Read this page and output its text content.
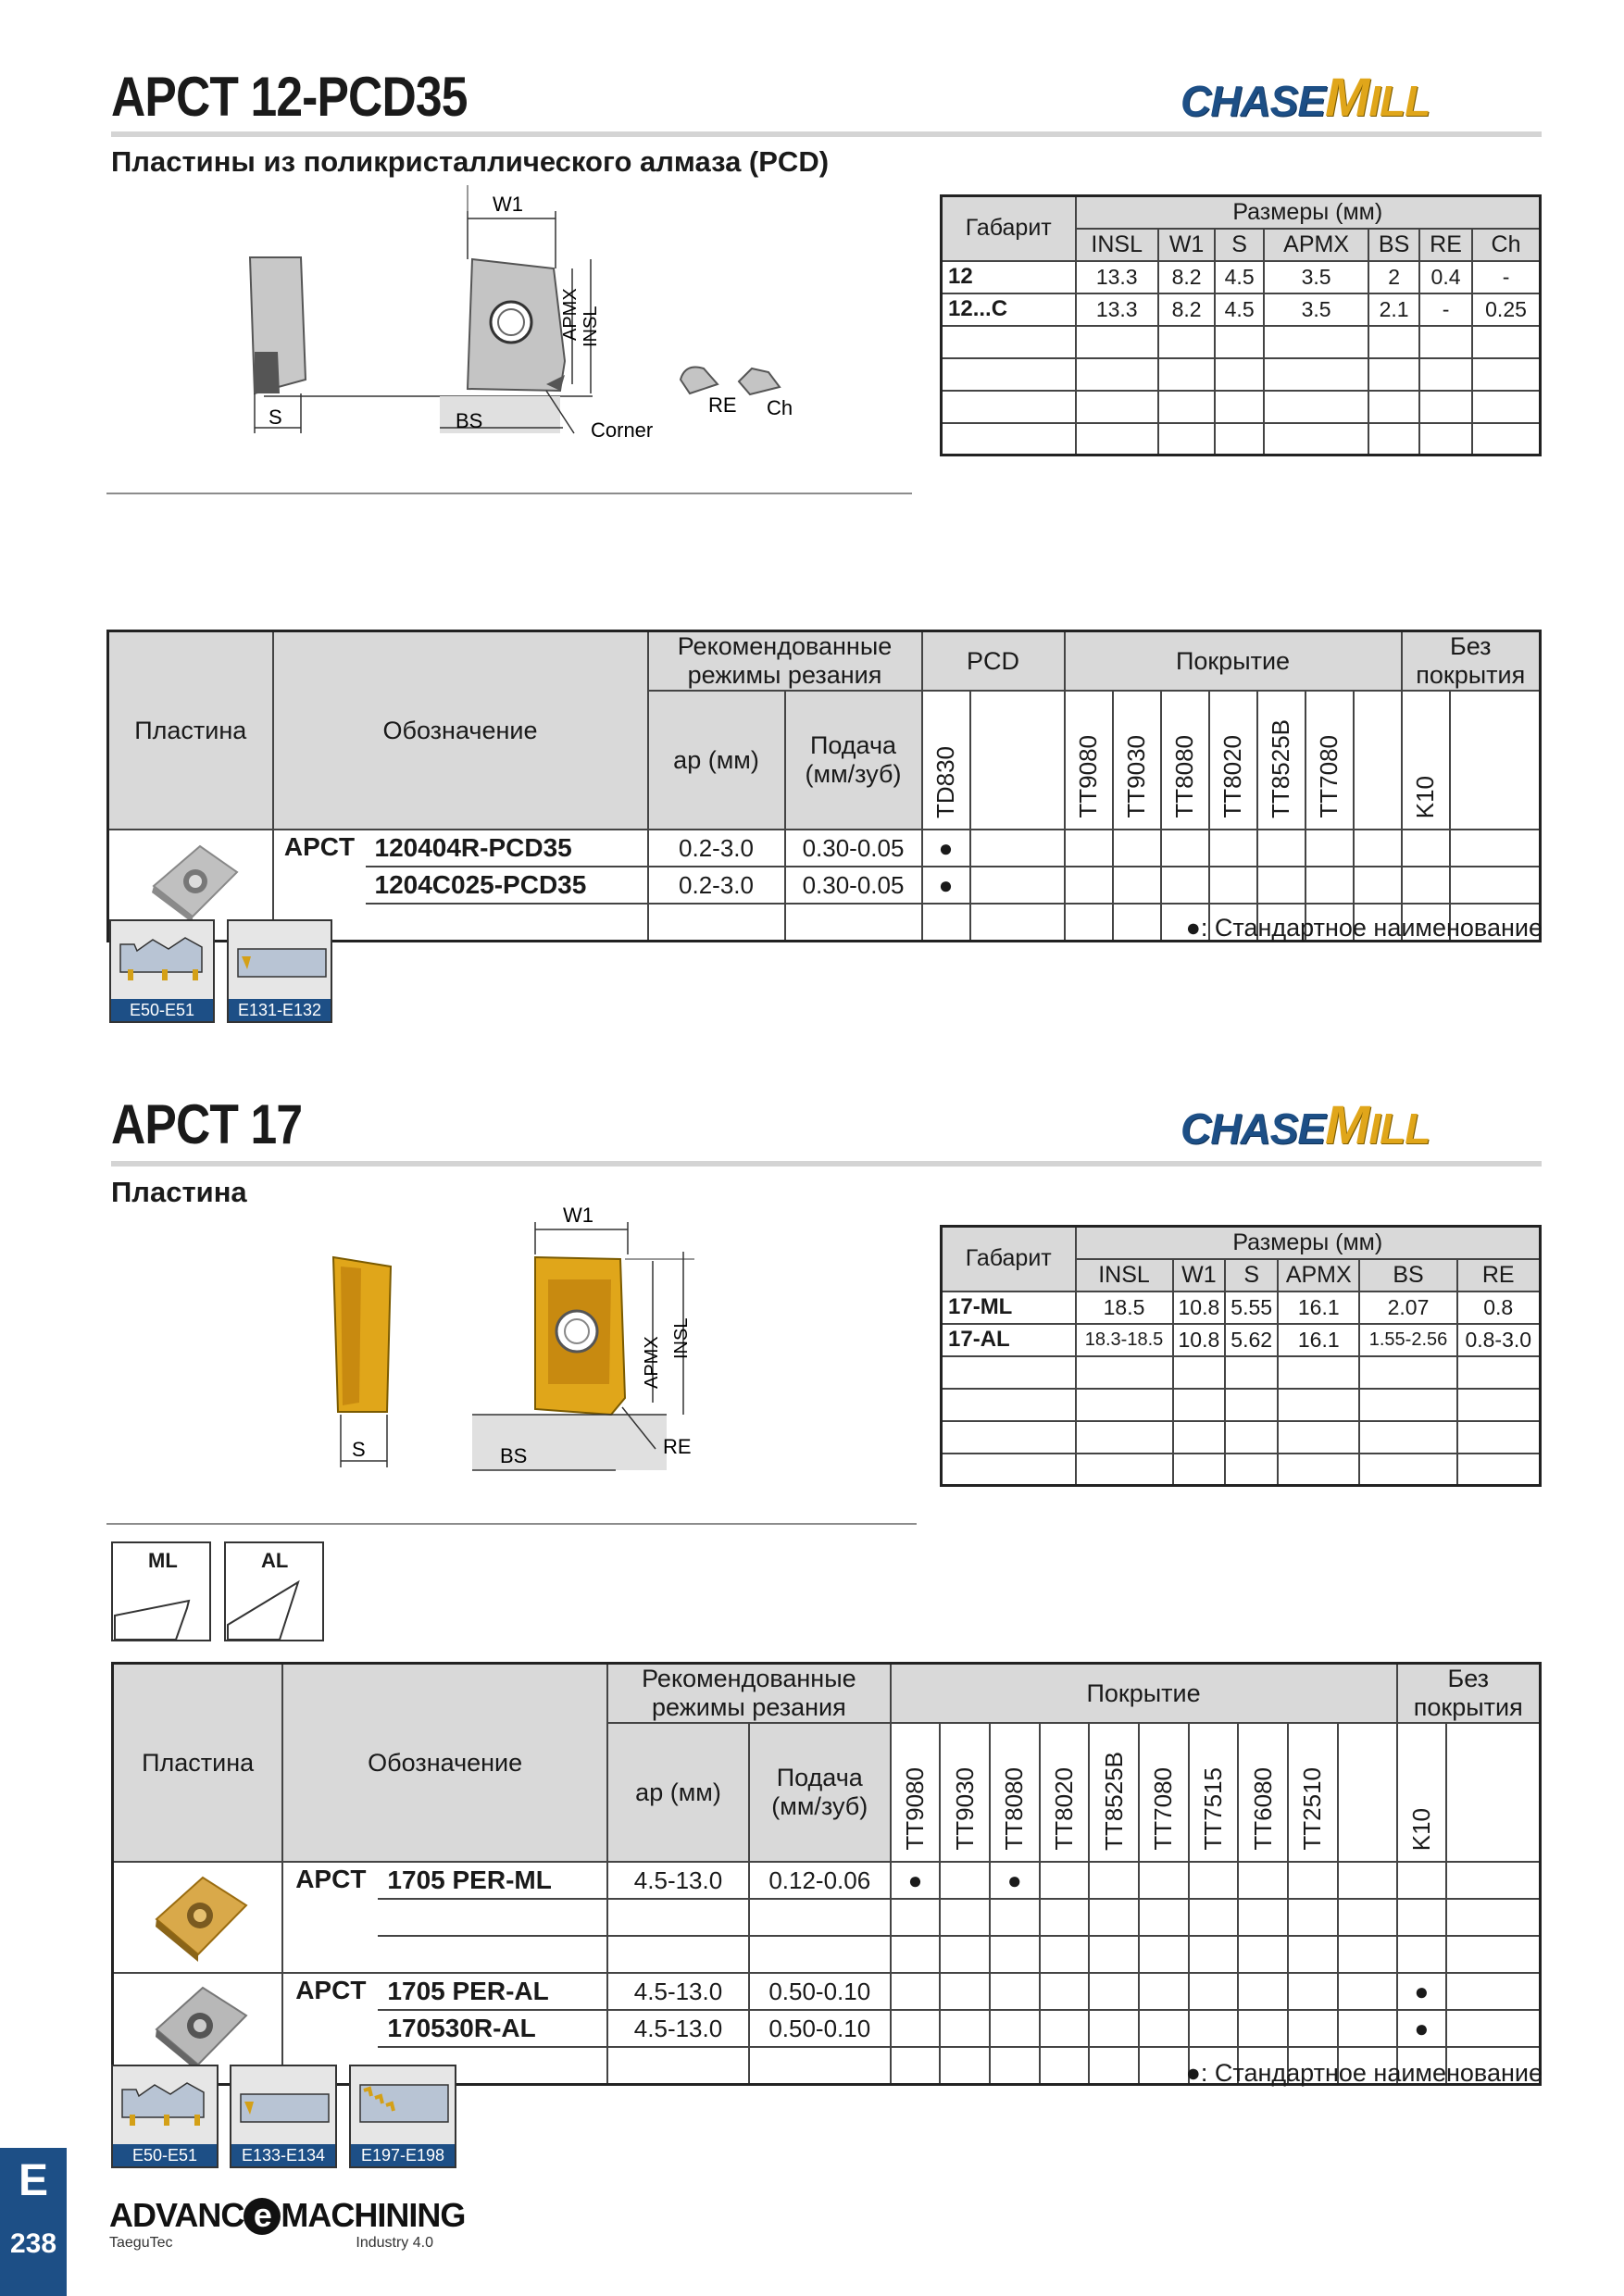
APCT 12-PCD35	CHASEMILL
Пластины из поликристаллического алмаза (PCD)
S
W1
APMX INSL
BS	Corner
RE Ch
Габарит	Размеры (мм)						
	INSL	W1	S	APMX	BS	RE	Ch
12	13.3	8.2	4.5	3.5	2	0.4	-
12...C	13.3	8.2	4.5	3.5	2.1	-	0.25

Пластина	Обозначение		Рекомендованные режимы резания		PCD		Покрытие							Без покрытия	
			ap (мм)	Подача (мм/зуб)	TD830		TT9080	TT9030	TT8080	TT8020	TT8525B	TT7080		K10	

	APCT	120404R-PCD35	0.2-3.0	0.30-0.05	●										
		1204C025-PCD35	0.2-3.0	0.30-0.05	●										

●: Стандартное наименование
E50-E51	E131-E132
APCT 17	CHASEMILL
Пластина
S
W1
APMX INSL
BS	RE
Габарит	Размеры (мм)					
	INSL	W1	S	APMX	BS	RE
17-ML	18.5	10.8	5.55	16.1	2.07	0.8
17-AL	18.3-18.5	10.8	5.62	16.1	1.55-2.56	0.8-3.0

ML	AL
Пластина	Обозначение		Рекомендованные режимы резания		Покрытие										Без покрытия	
			ap (мм)	Подача (мм/зуб)	TT9080	TT9030	TT8080	TT8020	TT8525B	TT7080	TT7515	TT6080	TT2510		K10	

	APCT	1705 PER-ML	4.5-13.0	0.12-0.06	●		●									

	APCT	1705 PER-AL	4.5-13.0	0.50-0.10											●	
		170530R-AL	4.5-13.0	0.50-0.10											●	

●: Стандартное наименование
E50-E51	E133-E134	E197-E198
E
238
ADVANC e MACHINING
TaeguTec	Industry 4.0
